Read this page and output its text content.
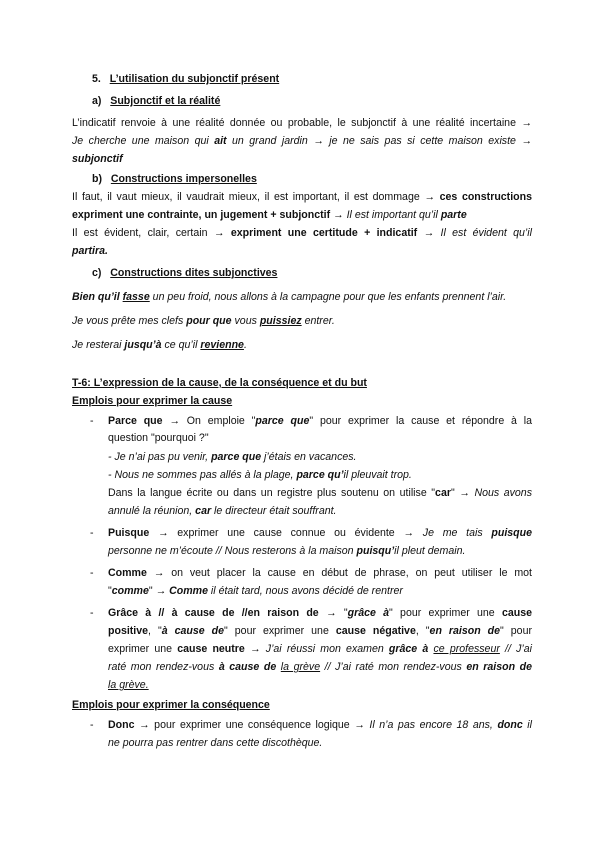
5. L’utilisation du subjonctif présent
a) Subjonctif et la réalité
L’indicatif renvoie à une réalité donnée ou probable, le subjonctif à une réalité incertaine →
Je cherche une maison qui ait un grand jardin → je ne sais pas si cette maison existe →
subjonctif
b) Constructions impersonelles
Il faut, il vaut mieux, il vaudrait mieux, il est important, il est dommage → ces constructions
expriment une contrainte, un jugement + subjonctif → Il est important qu’il parte
Il est évident, clair, certain → expriment une certitude + indicatif → Il est évident qu’il
partira.
c) Constructions dites subjonctives
Bien qu’il fasse un peu froid, nous allons à la campagne pour que les enfants prennent l’air.
Je vous prête mes clefs pour que vous puissiez entrer.
Je resterai jusqu’à ce qu’il revienne.
T-6: L’expression de la cause, de la conséquence et du but
Emplois pour exprimer la cause
- Parce que → On emploie "parce que" pour exprimer la cause et répondre à la
question "pourquoi ?"
- Je n’ai pas pu venir, parce que j’étais en vacances.
- Nous ne sommes pas allés à la plage, parce qu’il pleuvait trop.
Dans la langue écrite ou dans un registre plus soutenu on utilise "car" → Nous avons
annulé la réunion, car le directeur était souffrant.
- Puisque → exprimer une cause connue ou évidente → Je me tais puisque
personne ne m’écoute // Nous resterons à la maison puisqu’il pleut demain.
- Comme → on veut placer la cause en début de phrase, on peut utiliser le mot
"comme" → Comme il était tard, nous avons décidé de rentrer
- Grâce à // à cause de //en raison de → "grâce à" pour exprimer une cause
positive, "à cause de" pour exprimer une cause négative, "en raison de" pour
exprimer une cause neutre → J’ai réussi mon examen grâce à ce professeur // J’ai
raté mon rendez-vous à cause de la grève // J’ai raté mon rendez-vous en raison de
la grève.
Emplois pour exprimer la conséquence
- Donc → pour exprimer une conséquence logique → Il n’a pas encore 18 ans, donc il
ne pourra pas rentrer dans cette discothèque.
